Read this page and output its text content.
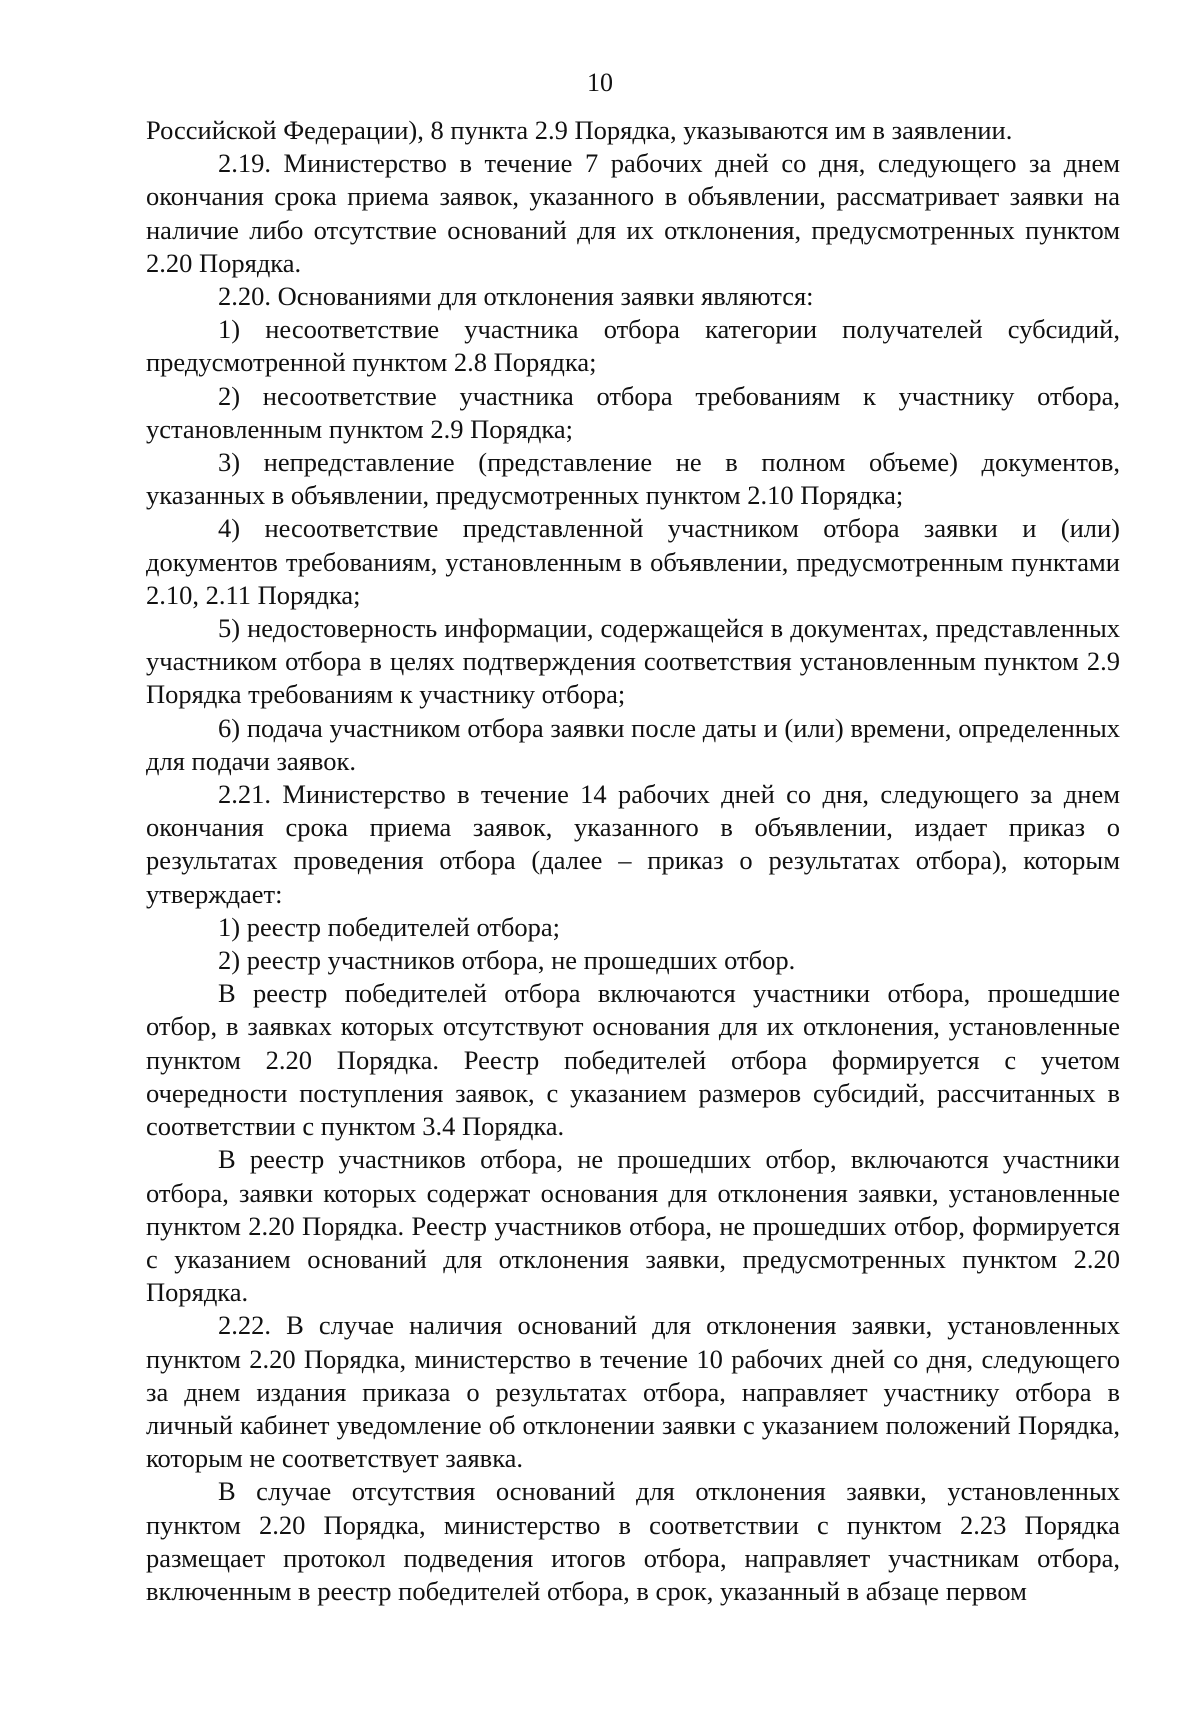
10

Российской Федерации), 8 пункта 2.9 Порядка, указываются им в заявлении.

2.19. Министерство в течение 7 рабочих дней со дня, следующего за днем окончания срока приема заявок, указанного в объявлении, рассматривает заявки на наличие либо отсутствие оснований для их отклонения, предусмотренных пунктом 2.20 Порядка.

2.20. Основаниями для отклонения заявки являются:

1) несоответствие участника отбора категории получателей субсидий, предусмотренной пунктом 2.8 Порядка;

2) несоответствие участника отбора требованиям к участнику отбора, установленным пунктом 2.9 Порядка;

3) непредставление (представление не в полном объеме) документов, указанных в объявлении, предусмотренных пунктом 2.10 Порядка;

4) несоответствие представленной участником отбора заявки и (или) документов требованиям, установленным в объявлении, предусмотренным пунктами 2.10, 2.11 Порядка;

5) недостоверность информации, содержащейся в документах, представленных участником отбора в целях подтверждения соответствия установленным пунктом 2.9 Порядка требованиям к участнику отбора;

6) подача участником отбора заявки после даты и (или) времени, определенных для подачи заявок.

2.21. Министерство в течение 14 рабочих дней со дня, следующего за днем окончания срока приема заявок, указанного в объявлении, издает приказ о результатах проведения отбора (далее – приказ о результатах отбора), которым утверждает:

1) реестр победителей отбора;

2) реестр участников отбора, не прошедших отбор.

В реестр победителей отбора включаются участники отбора, прошедшие отбор, в заявках которых отсутствуют основания для их отклонения, установленные пунктом 2.20 Порядка. Реестр победителей отбора формируется с учетом очередности поступления заявок, с указанием размеров субсидий, рассчитанных в соответствии с пунктом 3.4 Порядка.

В реестр участников отбора, не прошедших отбор, включаются участники отбора, заявки которых содержат основания для отклонения заявки, установленные пунктом 2.20 Порядка. Реестр участников отбора, не прошедших отбор, формируется с указанием оснований для отклонения заявки, предусмотренных пунктом 2.20 Порядка.

2.22. В случае наличия оснований для отклонения заявки, установленных пунктом 2.20 Порядка, министерство в течение 10 рабочих дней со дня, следующего за днем издания приказа о результатах отбора, направляет участнику отбора в личный кабинет уведомление об отклонении заявки с указанием положений Порядка, которым не соответствует заявка.

В случае отсутствия оснований для отклонения заявки, установленных пунктом 2.20 Порядка, министерство в соответствии с пунктом 2.23 Порядка размещает протокол подведения итогов отбора, направляет участникам отбора, включенным в реестр победителей отбора, в срок, указанный в абзаце первом
